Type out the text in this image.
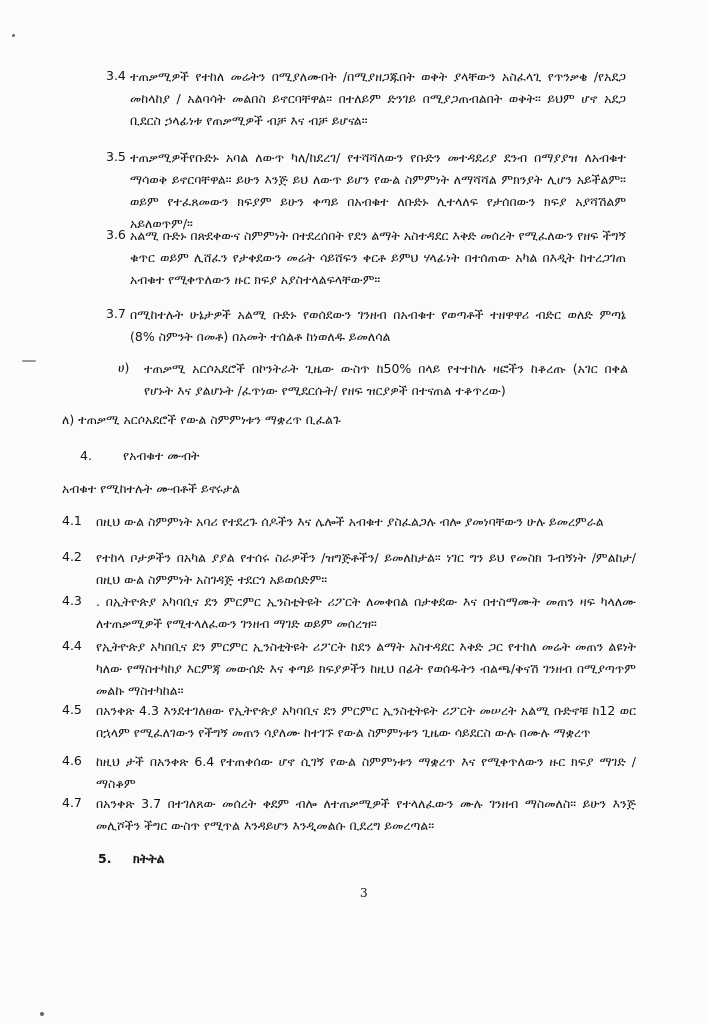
3.4 ተጠቃሚዎች የተከለ መሬትን በሚያለሙበት /በሚያዘጋጁበት ወቅት ያላቸውን አስፈላጊ የጥንቃቄ /የአደጋ መከላከያ / አልባሳት መልበስ ይኖርባቸዋል። በተለይም ድንገይ በሚያጋጠብልበት ወቅት። ይህም ሆኖ አደጋ ቢደርስ ኃላፊነቱ የጠቃሚዎች ብቻ እና ብቻ ይሆናል።
3.5 ተጠቃሚዎችየቡድኑ አባል ለውጥ ካለ/ከደረገ/ የተሻሻለውን የቡድን መተዳደሪያ ደንብ በማያያዝ ለአብቁተ ማሳወቅ ይኖርባቸዋል። ይሁን እንጅ ይህ ለውጥ ይሆን የውል ስምምነት ለማሻሻል ምክንያት ሊሆን አይችልም። ወይም የተፈጸመውን ክፍያም ይሁን ቀጣይ በአብቁተ ለቡድኑ ሊተላለፍ የታሰበውን ክፍያ አያሻሽልም አይለወጥም/።
3.6 አልሚ ቡድኑ በጽደቀውና ስምምነት በተደረሰበት የደን ልማት አስተዳደር እቅድ መሰረት የሚፈለውን የዘፍ ችግኝ ቁጥር ወይም ሊሸፈን የታቀደውን መሬት ሳይሸፍን ቀርቶ ይምህ ሃላፊነት በተሰጠው አካል በእዲት ከተረጋገጠ አብቁተ የሚቀጥለውን ዙር ክፍያ አያስተላልፍላቸውም።
3.7 በሚከተሉት ሁኔታዎች አልሚ ቡድኑ የወሰደውን ገንዘብ በአብቁተ የወጣቶች ተዘዋዋሪ ብድር ወለድ ምጣኔ (8% ስምንት በመቶ) በአመት ተሰልቶ ከነወለዱ ይመለሳል
ሀ) ተጠቃሚ አርሶአደሮች በኮንትራት ጊዜው ውስጥ ከ50% በላይ የተተከሉ ዛፎችን ከቆረጡ (አገር በቀል የሆኑት እና ያልሆኑት /ፈጥነው የሚደርሱት/ የዘፍ ዝርያዎች በተናጠል ተቆጥረው)
ለ) ተጠቃሚ አርሶአደሮች የውል ስምምነቱን ማቋረጥ ቢፈልጉ
4. የአብቁተ ሙብት
አብቁተ የሚከተሉት ሙብቶች ይኖሩታል
4.1 በዚህ ውል ስምምነት አባሪ የተደረጉ ሰዶችን እና ሌሎች አብቁተ ያስፈልጋሉ ብሎ ያመነባቸውን ሁሉ ይመረምራል
4.2 የተከላ ቦታዎችን በአካል ያያል የተሰሩ ስራዎችን /ዝግጅቶችን/ ይመለከታል። ነገር ግን ይህ የመስክ ጉብኝነት /ምልከታ/ በዚህ ውል ስምምነት አስገዳጅ ተደርጎ አይወሰድም።
4.3 . በኢትዮጵያ አካባቢና ደን ምርምር ኢንስቲትዩት ሪፖርት ለመቀበል በታቀደው እና በተስማሙት መጠን ዛፍ ካላለሙ ለተጠቃሚዎች የሚተላለፈውን ገንዘብ ማገድ ወይም መሰረዝ።
4.4 የኢትዮጵያ አካበቢና ደን ምርምር ኢንስቲትዩት ሪፖርት ከደን ልማት አስተዳደር እቅድ ጋር የተከለ መሬት መጠን ልዩነት ካለው የማስተካከያ እርምጃ መውሰድ እና ቀጣይ ክፍያዎችን ከዚህ በፊት የወሰዱትን ብልጫ/ቅናሽ ገንዘብ በሚያጣጥም መልኩ ማስተካከል።
4.5 በአንቀጽ 4.3 እንደተገለፀው የኢትዮጵያ አካባቢና ደን ምርምር ኢንስቲትዩት ሪፖርት መሠረት አልሚ ቡድኖቹ ከ12 ወር በኋላም የሚፈለገውን የችግኝ መጠን ሳያለሙ ከተገኙ የውል ስምምነቱን ጊዜው ሳይደርስ ውሉ በሙሉ ማቋረጥ
4.6 ከዚህ ታች በአንቀጽ 6.4 የተጠቀሰው ሆኖ ሲገኝ የውል ስምምነቱን ማቋረጥ እና የሚቀጥለውን ዙር ክፍያ ማገድ /ማስቆም
4.7 በአንቀጽ 3.7 በተገለጸው መሰረት ቀደም ብሎ ለተጠቃሚዎች የተላለፈውን ሙሉ ገንዘብ ማስመለስ። ይሁን እንጅ መሊሾችን ችግር ውስጥ የሚጥል እንዳይሆን እንዲመልሱ ቢደረግ ይመረጣል።
5. ክትትል
3
